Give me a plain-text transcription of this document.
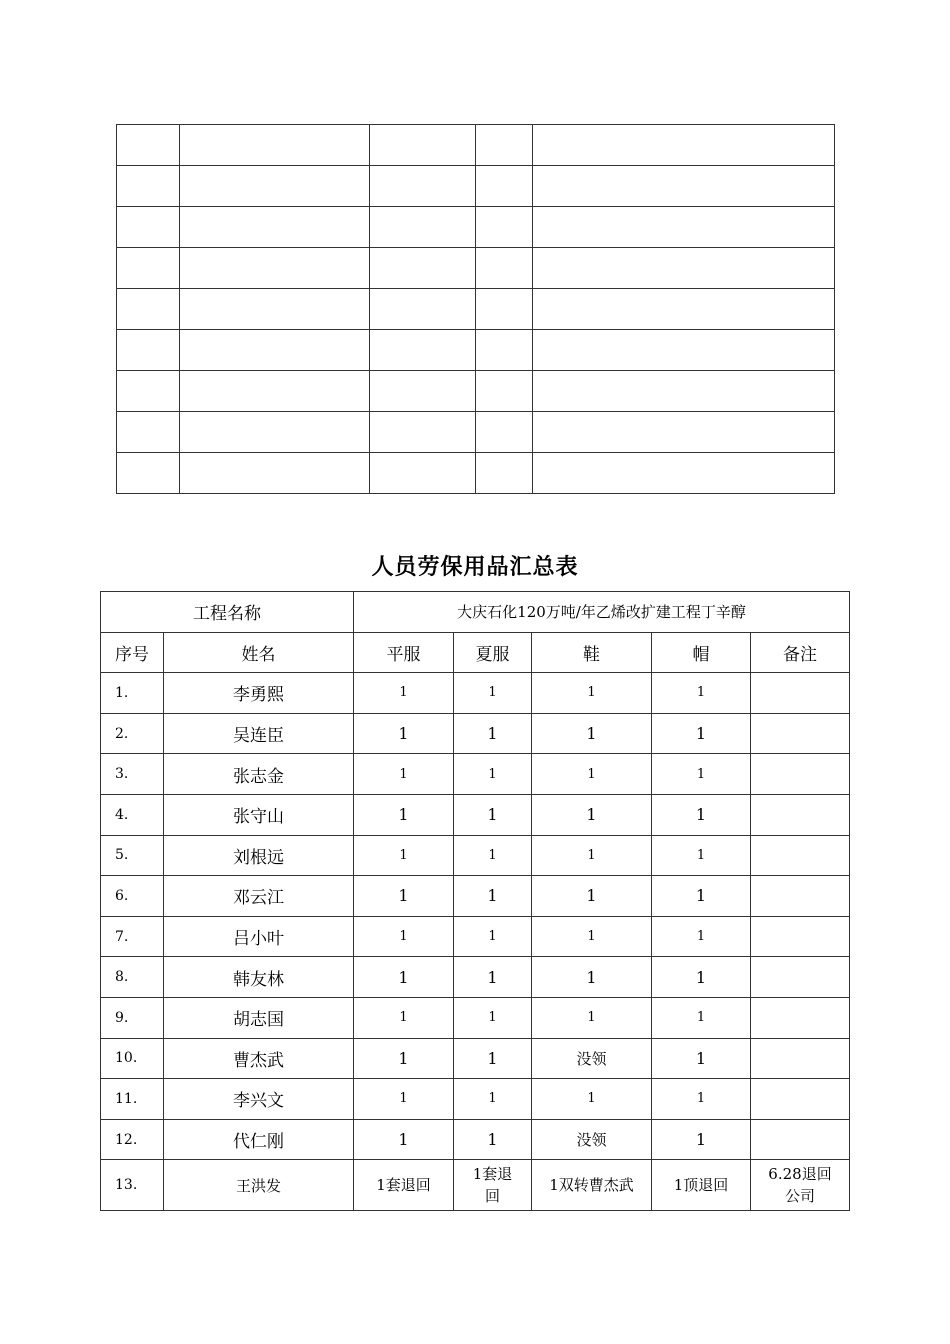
人员劳保用品汇总表
工程名称		大庆石化120万吨/年乙烯改扩建工程丁辛醇				
序号	姓名	平服	夏服	鞋	帽	备注
1.	李勇熙	1	1	1	1	
2.	吴连臣	1	1	1	1	
3.	张志金	1	1	1	1	
4.	张守山	1	1	1	1	
5.	刘根远	1	1	1	1	
6.	邓云江	1	1	1	1	
7.	吕小叶	1	1	1	1	
8.	韩友林	1	1	1	1	
9.	胡志国	1	1	1	1	
10.	曹杰武	1	1	没领	1	
11.	李兴文	1	1	1	1	
12.	代仁刚	1	1	没领	1	
13.	王洪发	1套退回	1套退回	1双转曹杰武	1顶退回	6.28退回公司
